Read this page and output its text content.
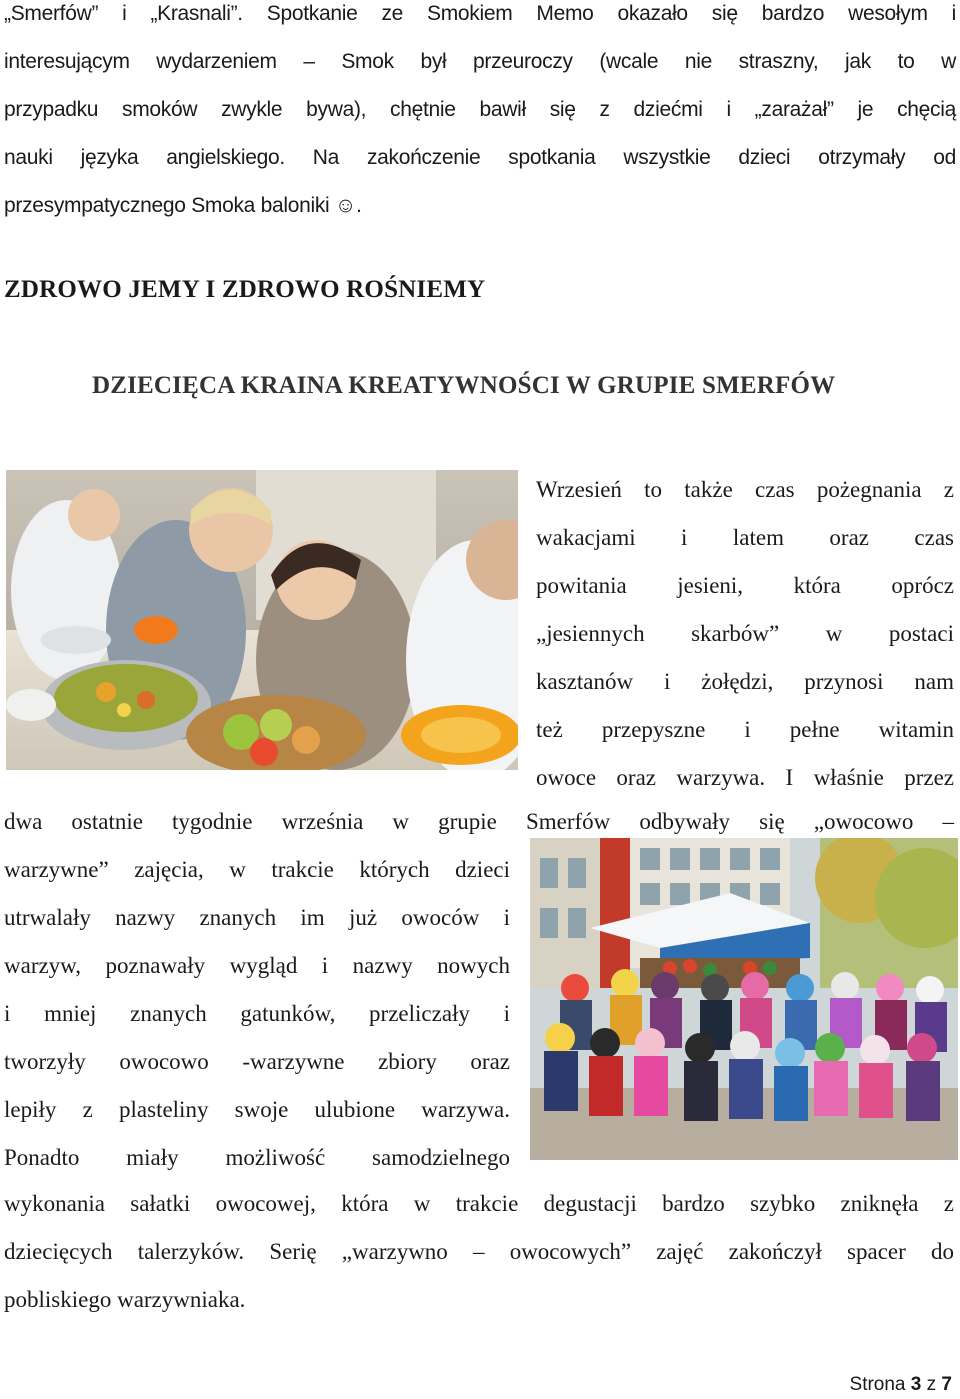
„Smerfów” i „Krasnali”. Spotkanie ze Smokiem Memo okazało się bardzo wesołym i
interesującym wydarzeniem – Smok był przeuroczy (wcale nie straszny, jak to w
przypadku smoków zwykle bywa), chętnie bawił się z dziećmi i „zarażał” je chęcią
nauki języka angielskiego. Na zakończenie spotkania wszystkie dzieci otrzymały od
przesympatycznego Smoka baloniki ☺.
ZDROWO JEMY I ZDROWO ROŚNIEMY
DZIECIĘCA KRAINA KREATYWNOŚCI W GRUPIE SMERFÓW
Wrzesień to także czas pożegnania z
wakacjami i latem oraz czas
powitania jesieni, która oprócz
„jesiennych skarbów” w postaci
kasztanów i żołędzi, przynosi nam
też przepyszne i pełne witamin
owoce oraz warzywa. I właśnie przez
dwa ostatnie tygodnie września w grupie Smerfów odbywały się „owocowo –
warzywne” zajęcia, w trakcie których dzieci
utrwalały nazwy znanych im już owoców i
warzyw, poznawały wygląd i nazwy nowych
i mniej znanych gatunków, przeliczały i
tworzyły owocowo -warzywne zbiory oraz
lepiły z plasteliny swoje ulubione warzywa.
Ponadto miały możliwość samodzielnego
wykonania sałatki owocowej, która w trakcie degustacji bardzo szybko zniknęła z
dziecięcych talerzyków. Serię „warzywno – owocowych” zajęć zakończył spacer do
pobliskiego warzywniaka.
Strona 3 z 7
